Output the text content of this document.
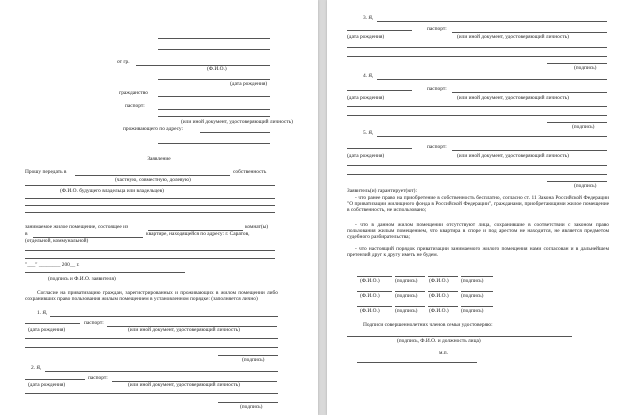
от гр.
(Ф.И.О.)
(дата рождения)
гражданство
паспорт:
(или иной документ, удостоверяющий личность)
проживающего по адресу:
Заявление
Прошу передать в	собственность
(частную, совместную, долевую)
(Ф.И.О. будущего владельца или владельцев)
занимаемое жилое помещение, состоящее из	комнат(ы)
в	квартире, находящейся по адресу: г. Саратов,
(отдельной, коммунальной)
"___" ________ 200__ г.
(подпись и Ф.И.О. заявителя)
Согласие на приватизацию граждан, зарегистрированных и проживающих в жилом помещении либо сохранивших право пользования жилым помещением в установленном порядке: (заполняется лично)
1. Я,
паспорт:
(дата рождения)	(или иной документ, удостоверяющий личность)
(подпись)
2. Я,
паспорт:
(дата рождения)	(или иной документ, удостоверяющий личность)
(подпись)
3. Я,
паспорт:
(дата рождения)	(или иной документ, удостоверяющий личность)
(подпись)
4. Я,
паспорт:
(дата рождения)	(или иной документ, удостоверяющий личность)
(подпись)
5. Я,
паспорт:
(дата рождения)	(или иной документ, удостоверяющий личность)
(подпись)
Заявитель(и) гарантирует(ют):
- что ранее право на приобретение в собственность бесплатно, согласно ст. 11 Закона Российской Федерации "О приватизации жилищного фонда в Российской Федерации", гражданами, приобретающими жилое помещение в собственность, не использовано;
- что в данном жилом помещении отсутствуют лица, сохранившие в соответствии с законом право пользования жилым помещением, что квартира в споре и под арестом не находится, не является предметом судебного разбирательства;
- что настоящий порядок приватизации занимаемого жилого помещения нами согласован и в дальнейшем претензий друг к другу иметь не будем.
(Ф.И.О.)	(подпись) (Ф.И.О.) (подпись)
(Ф.И.О.)	(подпись) (Ф.И.О.) (подпись)
(Ф.И.О.)	(подпись) (Ф.И.О.) (подпись)
Подписи совершеннолетних членов семьи удостоверяю:
(подпись, Ф.И.О. и должность лица)
м.п.
